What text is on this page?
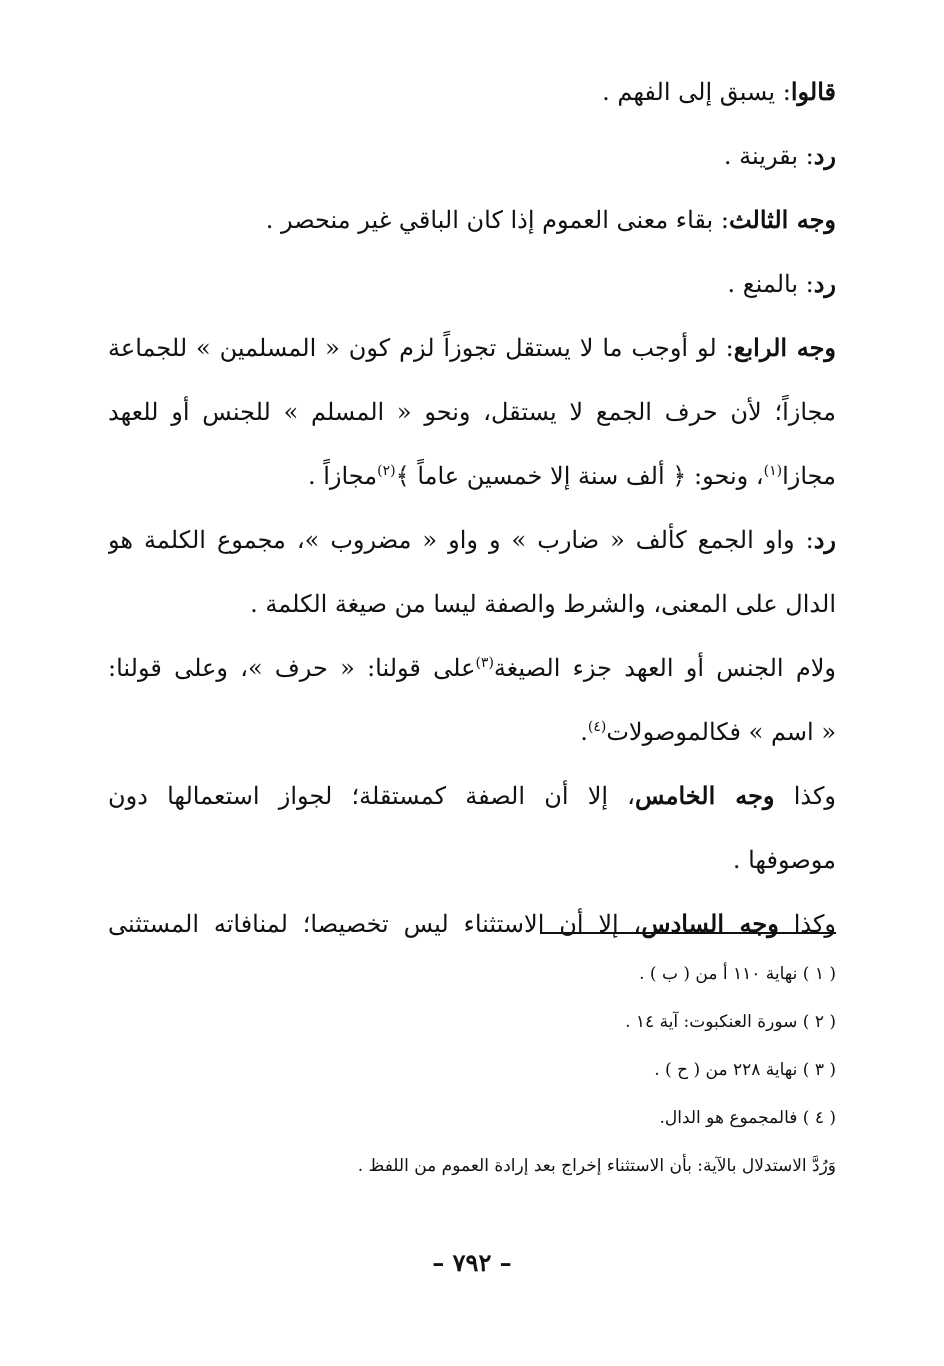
قالوا: يسبق إلى الفهم .
رد: بقرينة .
وجه الثالث: بقاء معنى العموم إذا كان الباقي غير منحصر .
رد: بالمنع .
وجه الرابع: لو أوجب ما لا يستقل تجوزاً لزم كون « المسلمين » للجماعة
مجازاً؛ لأن حرف الجمع لا يستقل، ونحو « المسلم » للجنس أو للعهد
مجازا$^{(١)}$، ونحو: ﴿ ألف سنة إلا خمسين عاماً ﴾$^{(٢)}$مجازاً .
رد: واو الجمع كألف « ضارب » و واو « مضروب »، مجموع الكلمة هو
الدال على المعنى، والشرط والصفة ليسا من صيغة الكلمة .
ولام الجنس أو العهد جزء الصيغة$^{(٣)}$على قولنا: « حرف »، وعلى قولنا:
« اسم » فكالموصولات$^{(٤)}$.
وكذا وجه الخامس، إلا أن الصفة كمستقلة؛ لجواز استعمالها دون
موصوفها .
وكذا وجه السادس، إلا أن الاستثناء ليس تخصيصا؛ لمنافاته المستثنى
( ١ ) نهاية ١١٠ أ من ( ب ) .
( ٢ ) سورة العنكبوت: آية ١٤ .
( ٣ ) نهاية ٢٢٨ من ( ح ) .
( ٤ ) فالمجموع هو الدال.
وَرُدَّ الاستدلال بالآية: بأن الاستثناء إخراج بعد إرادة العموم من اللفظ .
– ٧٩٢ –
